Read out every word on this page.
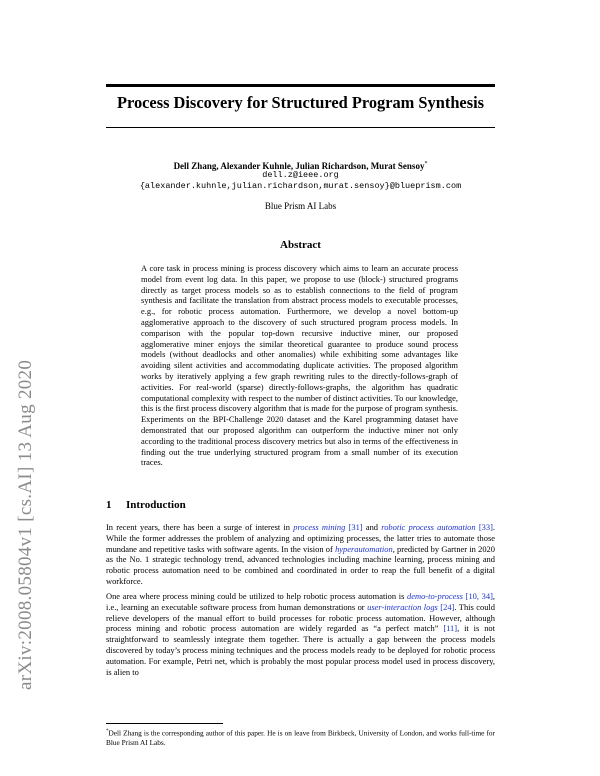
arXiv:2008.05804v1 [cs.AI] 13 Aug 2020
Process Discovery for Structured Program Synthesis
Dell Zhang, Alexander Kuhnle, Julian Richardson, Murat Sensoy*
dell.z@ieee.org
{alexander.kuhnle,julian.richardson,murat.sensoy}@blueprism.com
Blue Prism AI Labs
Abstract
A core task in process mining is process discovery which aims to learn an accurate process model from event log data. In this paper, we propose to use (block-) structured programs directly as target process models so as to establish connections to the field of program synthesis and facilitate the translation from abstract process models to executable processes, e.g., for robotic process automation. Furthermore, we develop a novel bottom-up agglomerative approach to the discovery of such structured program process models. In comparison with the popular top-down recursive inductive miner, our proposed agglomerative miner enjoys the similar theoretical guarantee to produce sound process models (without deadlocks and other anomalies) while exhibiting some advantages like avoiding silent activities and accommodating duplicate activities. The proposed algorithm works by iteratively applying a few graph rewriting rules to the directly-follows-graph of activities. For real-world (sparse) directly-follows-graphs, the algorithm has quadratic computational complexity with respect to the number of distinct activities. To our knowledge, this is the first process discovery algorithm that is made for the purpose of program synthesis. Experiments on the BPI-Challenge 2020 dataset and the Karel programming dataset have demonstrated that our proposed algorithm can outperform the inductive miner not only according to the traditional process discovery metrics but also in terms of the effectiveness in finding out the true underlying structured program from a small number of its execution traces.
1 Introduction
In recent years, there has been a surge of interest in process mining [31] and robotic process automation [33]. While the former addresses the problem of analyzing and optimizing processes, the latter tries to automate those mundane and repetitive tasks with software agents. In the vision of hyperautomation, predicted by Gartner in 2020 as the No. 1 strategic technology trend, advanced technologies including machine learning, process mining and robotic process automation need to be combined and coordinated in order to reap the full benefit of a digital workforce.
One area where process mining could be utilized to help robotic process automation is demo-to-process [10, 34], i.e., learning an executable software process from human demonstrations or user-interaction logs [24]. This could relieve developers of the manual effort to build processes for robotic process automation. However, although process mining and robotic process automation are widely regarded as “a perfect match” [11], it is not straightforward to seamlessly integrate them together. There is actually a gap between the process models discovered by today’s process mining techniques and the process models ready to be deployed for robotic process automation. For example, Petri net, which is probably the most popular process model used in process discovery, is alien to
*Dell Zhang is the corresponding author of this paper. He is on leave from Birkbeck, University of London, and works full-time for Blue Prism AI Labs.
